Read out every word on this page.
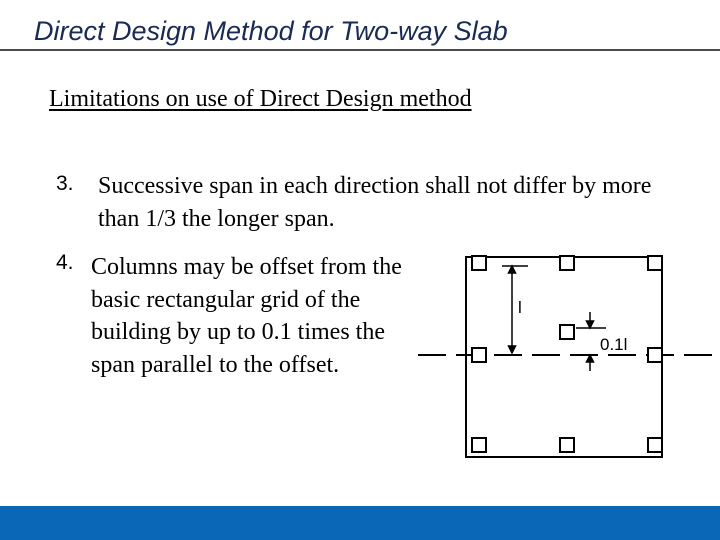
Direct Design Method for Two-way Slab
Limitations on use of Direct Design method
3. Successive span in each direction shall not differ by more than 1/3 the longer span.
4. Columns may be offset from the basic rectangular grid of the building by up to 0.1 times the span parallel to the offset.
l
0.1l
